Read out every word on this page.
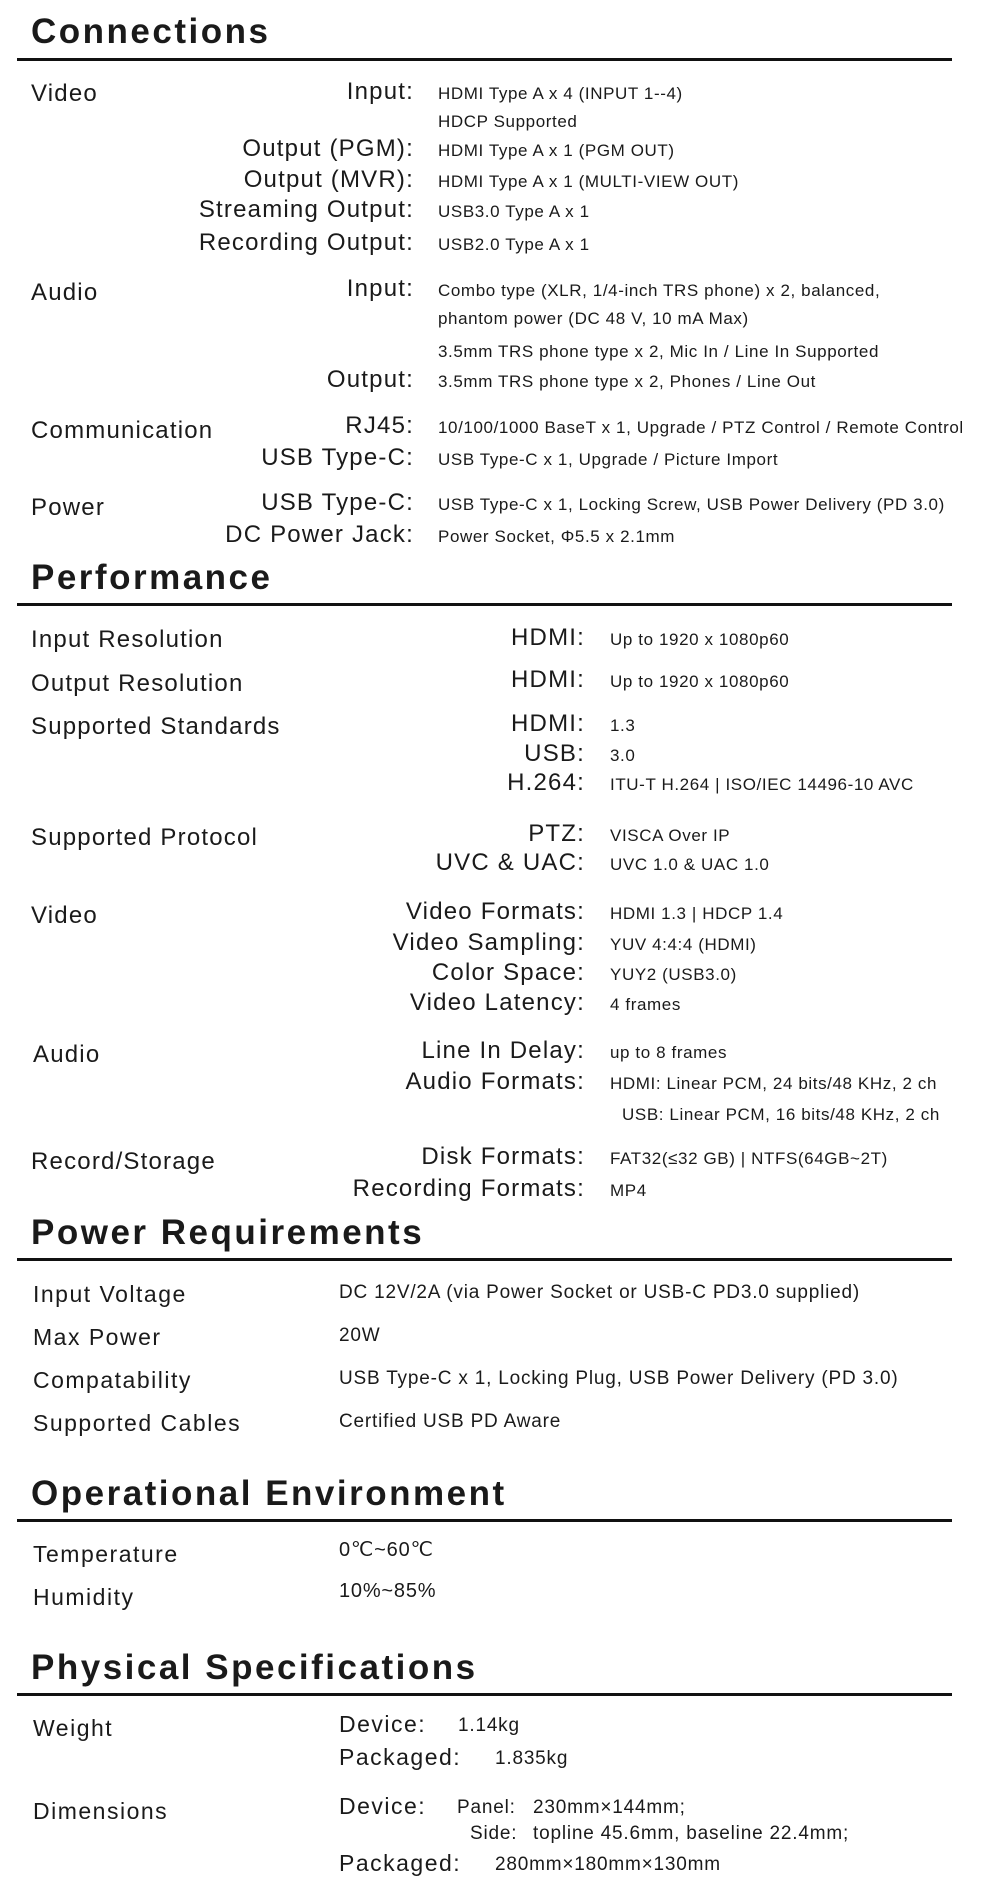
Connections
Video	Input: HDMI Type A x 4 (INPUT 1--4)
HDCP Supported
Output (PGM): HDMI Type A x 1 (PGM OUT)
Output (MVR): HDMI Type A x 1 (MULTI-VIEW OUT)
Streaming Output: USB3.0 Type A x 1
Recording Output: USB2.0 Type A x 1
Audio	Input: Combo type (XLR, 1/4-inch TRS phone) x 2, balanced,
phantom power (DC 48 V, 10 mA Max)
3.5mm TRS phone type x 2, Mic In / Line In Supported
Output: 3.5mm TRS phone type x 2, Phones / Line Out
Communication	RJ45: 10/100/1000 BaseT x 1, Upgrade / PTZ Control / Remote Control
USB Type-C: USB Type-C x 1, Upgrade / Picture Import
Power	USB Type-C: USB Type-C x 1, Locking Screw, USB Power Delivery (PD 3.0)
DC Power Jack: Power Socket, Φ5.5 x 2.1mm
Performance
Input Resolution	HDMI: Up to 1920 x 1080p60
Output Resolution	HDMI: Up to 1920 x 1080p60
Supported Standards	HDMI: 1.3
USB: 3.0
H.264: ITU-T H.264 | ISO/IEC 14496-10 AVC
Supported Protocol	PTZ: VISCA Over IP
UVC & UAC: UVC 1.0 & UAC 1.0
Video	Video Formats: HDMI 1.3 | HDCP 1.4
Video Sampling: YUV 4:4:4 (HDMI)
Color Space: YUY2 (USB3.0)
Video Latency: 4 frames
Audio	Line In Delay: up to 8 frames
Audio Formats: HDMI: Linear PCM, 24 bits/48 KHz, 2 ch
USB: Linear PCM, 16 bits/48 KHz, 2 ch
Record/Storage	Disk Formats: FAT32(≤32 GB) | NTFS(64GB~2T)
Recording Formats: MP4
Power Requirements
Input Voltage	DC 12V/2A (via Power Socket or USB-C PD3.0 supplied)
Max Power	20W
Compatability	USB Type-C x 1, Locking Plug, USB Power Delivery (PD 3.0)
Supported Cables	Certified USB PD Aware
Operational Environment
Temperature	0℃~60℃
Humidity	10%~85%
Physical Specifications
Weight	Device: 1.14kg
Packaged: 1.835kg
Dimensions	Device: Panel: 230mm×144mm;
Side: topline 45.6mm, baseline 22.4mm;
Packaged: 280mm×180mm×130mm
